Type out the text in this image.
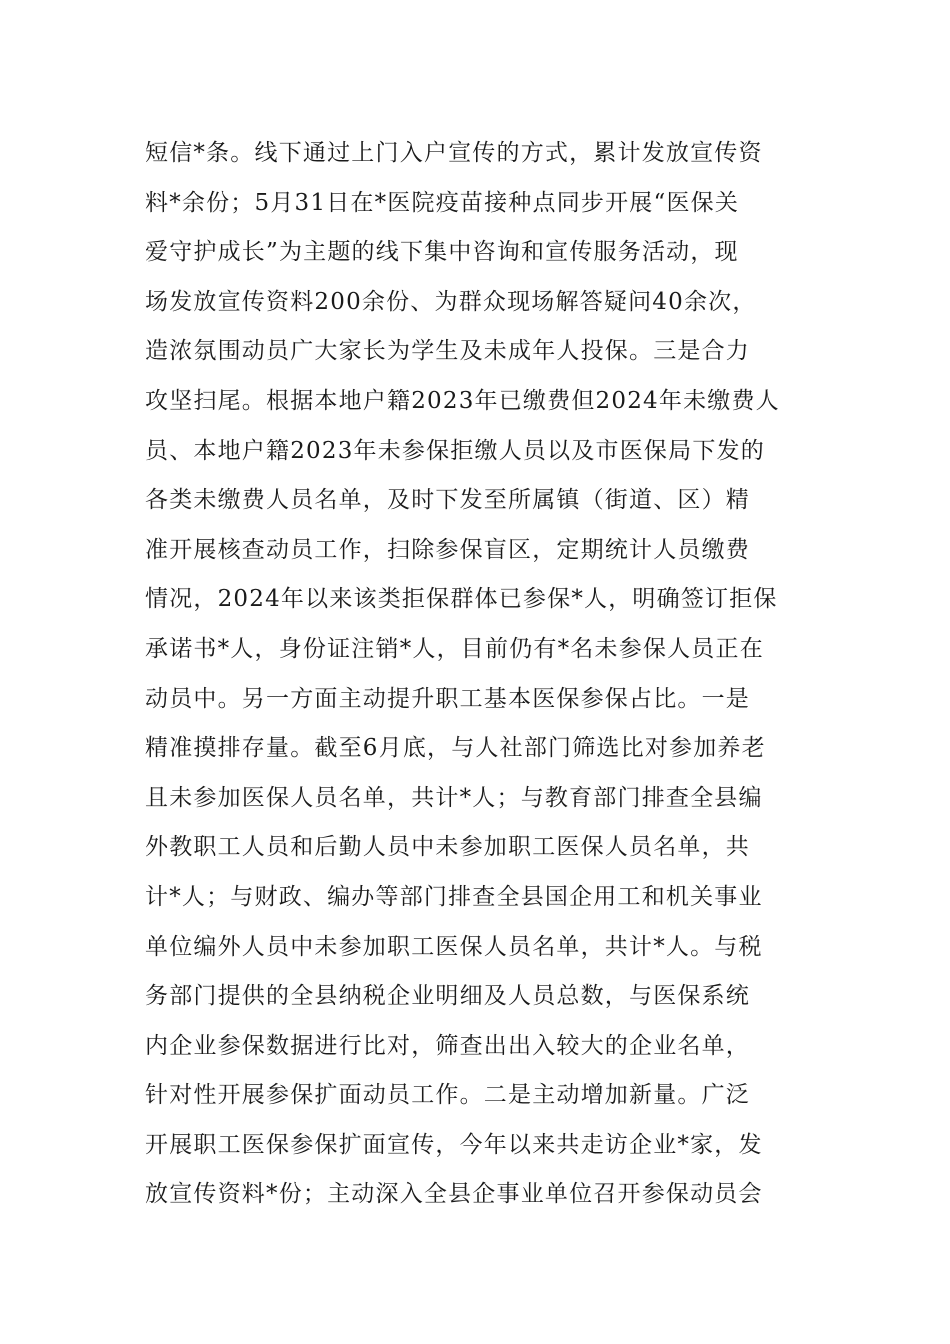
短信*条。线下通过上门入户宣传的方式，累计发放宣传资
料*余份；5月31日在*医院疫苗接种点同步开展“医保关
爱守护成长”为主题的线下集中咨询和宣传服务活动，现
场发放宣传资料200余份、为群众现场解答疑问40余次，
造浓氛围动员广大家长为学生及未成年人投保。三是合力
攻坚扫尾。根据本地户籍2023年已缴费但2024年未缴费人
员、本地户籍2023年未参保拒缴人员以及市医保局下发的
各类未缴费人员名单，及时下发至所属镇（街道、区）精
准开展核查动员工作，扫除参保盲区，定期统计人员缴费
情况，2024年以来该类拒保群体已参保*人，明确签订拒保
承诺书*人，身份证注销*人，目前仍有*名未参保人员正在
动员中。另一方面主动提升职工基本医保参保占比。一是
精准摸排存量。截至6月底，与人社部门筛选比对参加养老
且未参加医保人员名单，共计*人；与教育部门排查全县编
外教职工人员和后勤人员中未参加职工医保人员名单，共
计*人；与财政、编办等部门排查全县国企用工和机关事业
单位编外人员中未参加职工医保人员名单，共计*人。与税
务部门提供的全县纳税企业明细及人员总数，与医保系统
内企业参保数据进行比对，筛查出出入较大的企业名单，
针对性开展参保扩面动员工作。二是主动增加新量。广泛
开展职工医保参保扩面宣传，今年以来共走访企业*家，发
放宣传资料*份；主动深入全县企事业单位召开参保动员会
